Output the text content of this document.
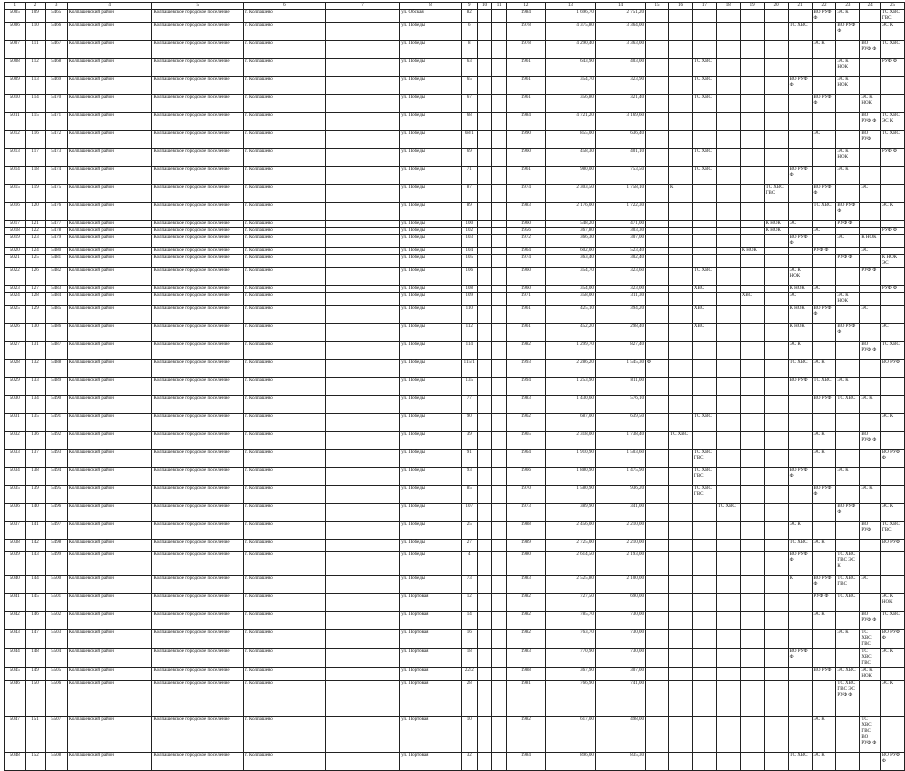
1	2	3	4	5	6	7	8	9	10	11	12	13	14	15	16	17	18	19	20	21	22	23	24	25
5005	109	5465	Колпашевский район	Колпашевское городское поселение	г. Колпашево		ул. Обская	82			1984	1 696,70	2 751,20								ВО РУФ Ф	ЭС К		ТС ХВС ГВС
5006	110	5466	Колпашевский район	Колпашевское городское поселение	г. Колпашево		ул. Победы	6			1978	4 375,80	3 364,00							ТС ХВС		ВО РУФ Ф		ЭС К
5007	111	5467	Колпашевский район	Колпашевское городское поселение	г. Колпашево		ул. Победы	8			1978	4 290,40	3 363,00								ЭС К		ВО РУФ Ф	ТС ХВС
5008	112	5468	Колпашевский район	Колпашевское городское поселение	г. Колпашево		ул. Победы	63			1961	643,90	403,00			ТС ХВС						ЭС К НОК		РУФ Ф
5009	113	5469	Колпашевский район	Колпашевское городское поселение	г. Колпашево		ул. Победы	65			1961	354,70	323,90			ТС ХВС				ВО РУФ Ф		ЭС К НОК		
5010	114	5470	Колпашевский район	Колпашевское городское поселение	г. Колпашево		ул. Победы	67			1961	356,80	321,40			ТС ХВС					ВО РУФ Ф		ЭС К НОК	
5011	115	5471	Колпашевский район	Колпашевское городское поселение	г. Колпашево		ул. Победы	68			1984	4 721,20	3 169,60										ВО РУФ Ф	ТС ХВС ЭС К
5012	116	5472	Колпашевский район	Колпашевское городское поселение	г. Колпашево		ул. Победы	68/1			1990	855,00	636,40								ЭС		ВО РУФ	ТС ХВС
5013	117	5473	Колпашевский район	Колпашевское городское поселение	г. Колпашево		ул. Победы	69			1960	458,30	401,10			ТС ХВС						ЭС К НОК		РУФ Ф
5014	118	5474	Колпашевский район	Колпашевское городское поселение	г. Колпашево		ул. Победы	71			1961	980,00	753,50			ТС ХВС				ВО РУФ Ф		ЭС К		
5015	119	5475	Колпашевский район	Колпашевское городское поселение	г. Колпашево		ул. Победы	87			1974	2 303,50	1 758,10		К				ТС ХВС ГВС		ВО РУФ Ф		ЭС	
5016	120	5476	Колпашевский район	Колпашевское городское поселение	г. Колпашево		ул. Победы	89			1983	2 176,00	1 722,30								ТС ХВС	ВО РУФ Ф		ЭС К
5017	121	5477	Колпашевский район	Колпашевское городское поселение	г. Колпашево		ул. Победы	100			1960	548,20	471,00						К НОК	ЭС		РУФ Ф		
5018	122	5478	Колпашевский район	Колпашевское городское поселение	г. Колпашево		ул. Победы	102			1956	367,80	303,30						К НОК		ЭС			РУФ Ф
5019	123	5479	Колпашевский район	Колпашевское городское поселение	г. Колпашево		ул. Победы	103			1972	366,30	307,00							ВО РУФ Ф		ЭС	К НОК	
5020	124	5480	Колпашевский район	Колпашевское городское поселение	г. Колпашево		ул. Победы	104			1964	602,00	523,40					К НОК			РУФ Ф		ЭС	
5021	125	5481	Колпашевский район	Колпашевское городское поселение	г. Колпашево		ул. Победы	105			1974	363,40	302,40									РУФ Ф		К НОК ЭС
5022	126	5482	Колпашевский район	Колпашевское городское поселение	г. Колпашево		ул. Победы	106			1960	354,70	323,60			ТС ХВС				ЭС К НОК			РУФ Ф	
5023	127	5483	Колпашевский район	Колпашевское городское поселение	г. Колпашево		ул. Победы	108			1960	354,00	323,00			ХВС				К НОК	ЭС			РУФ Ф
5024	128	5484	Колпашевский район	Колпашевское городское поселение	г. Колпашево		ул. Победы	109			1971	358,00	311,30					ХВС		ЭС		ЭС К НОК		
5025	129	5485	Колпашевский район	Колпашевское городское поселение	г. Колпашево		ул. Победы	110			1961	425,10	394,20			ХВС				К НОК	ВО РУФ Ф		ЭС	
5026	130	5486	Колпашевский район	Колпашевское городское поселение	г. Колпашево		ул. Победы	112			1961	452,20	298,40			ХВС				К НОК		ВО РУФ Ф		ЭС
5027	131	5487	Колпашевский район	Колпашевское городское поселение	г. Колпашево		ул. Победы	114			1982	1 299,70	827,40							ЭС К			ВО РУФ Ф	ТС ХВС
5028	132	5488	Колпашевский район	Колпашевское городское поселение	г. Колпашево		ул. Победы	115/1			1993	2 286,20	1 545,30	Ф						ТС ХВС	ЭС К			ВО РУФ
5029	133	5489	Колпашевский район	Колпашевское городское поселение	г. Колпашево		ул. Победы	135			1994	1 253,90	811,00							ВО РУФ	ТС ХВС	ЭС К		
5030	134	5490	Колпашевский район	Колпашевское городское поселение	г. Колпашево		ул. Победы	77			1983	1 430,60	576,10								ВО РУФ	ТС ХВС	ЭС К	
5031	135	5491	Колпашевский район	Колпашевское городское поселение	г. Колпашево		ул. Победы	90			1962	687,00	639,50			ТС ХВС								ЭС К
5032	136	5492	Колпашевский район	Колпашевское городское поселение	г. Колпашево		ул. Победы	39			1965	2 318,00	1 738,40		ТС ХВС						ЭС К		ВО РУФ Ф	
5033	137	5493	Колпашевский район	Колпашевское городское поселение	г. Колпашево		ул. Победы	91			1964	1 910,90	1 503,60			ТС ХВС ГВС					ЭС К			ВО РУФ Ф
5034	138	5494	Колпашевский район	Колпашевское городское поселение	г. Колпашево		ул. Победы	93			1966	1 880,90	1 475,90			ТС ХВС ГВС				ВО РУФ Ф		ЭС К		
5035	139	5495	Колпашевский район	Колпашевское городское поселение	г. Колпашево		ул. Победы	85			1970	1 580,90	936,20			ТС ХВС ГВС					ВО РУФ Ф		ЭС К	
5036	140	5496	Колпашевский район	Колпашевское городское поселение	г. Колпашево		ул. Победы	107			1973	389,90	341,00				ТС ХВС					ВО РУФ Ф		ЭС К
5037	141	5497	Колпашевский район	Колпашевское городское поселение	г. Колпашево		ул. Победы	25			1988	2 456,00	2 210,00							ЭС К			ВО РУФ	ТС ХВС ГВС
5038	142	5498	Колпашевский район	Колпашевское городское поселение	г. Колпашево		ул. Победы	27			1989	2 725,00	2 210,00							ТС ХВС	ЭС К			ВО РУФ
5039	143	5499	Колпашевский район	Колпашевское городское поселение	г. Колпашево		ул. Победы	4			1980	2 614,50	2 193,00							ВО РУФ Ф		ТС ХВС ГВС ЭС К		
5040	144	5500	Колпашевский район	Колпашевское городское поселение	г. Колпашево		ул. Победы	73			1983	2 525,80	2 100,00							К	ВО РУФ Ф	ТС ХВС ГВС	ЭС	
5041	145	5501	Колпашевский район	Колпашевское городское поселение	г. Колпашево		ул. Портовая	12			1982	727,50	690,00								РУФ Ф	ТС ХВС		ЭС К НОК
5042	146	5502	Колпашевский район	Колпашевское городское поселение	г. Колпашево		ул. Портовая	14			1982	785,70	730,00								ЭС К		ВО РУФ Ф	ТС ХВС
5043	147	5503	Колпашевский район	Колпашевское городское поселение	г. Колпашево		ул. Портовая	16			1982	763,70	730,00									ЭС К	ТС ХВС ГВС	ВО РУФ Ф
5044	148	5504	Колпашевский район	Колпашевское городское поселение	г. Колпашево		ул. Портовая	18			1983	770,90	730,00							ВО РУФ Ф			ТС ХВС ГВС	ЭС К
5045	149	5505	Колпашевский район	Колпашевское городское поселение	г. Колпашево		ул. Портовая	22/2			1988	367,90	307,00								ВО РУФ	ЭС ХВС	ЭС К НОК	
5046	150	5506	Колпашевский район	Колпашевское городское поселение	г. Колпашево		ул. Портовая	28			1981	766,90	741,00									ТС ХВС ГВС ЭС РУФ Ф		ЭС К
5047	151	5507	Колпашевский район	Колпашевское городское поселение	г. Колпашево		ул. Портовая	10			1982	617,00	498,00								ЭС К		ТС ХВС ГВС ВО РУФ Ф	
5048	152	5508	Колпашевский район	Колпашевское городское поселение	г. Колпашево		ул. Портовая	32			1984	896,00	835,30							ТС ХВС	ЭС К			ВО РУФ Ф
